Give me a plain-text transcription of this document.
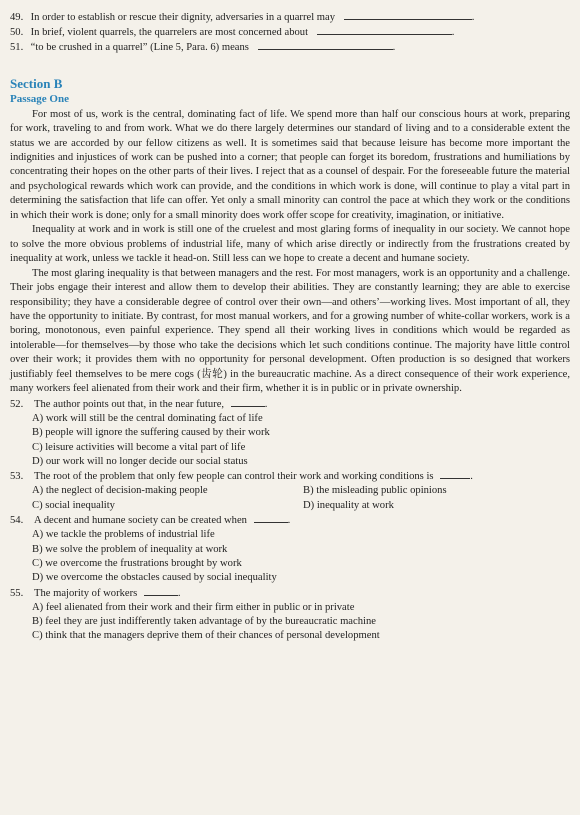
49. In order to establish or rescue their dignity, adversaries in a quarrel may	.

50. In brief, violent quarrels, the quarrelers are most concerned about	.

51. “to be crushed in a quarrel” (Line 5, Para. 6) means	.

Section B
Passage One

For most of us, work is the central, dominating fact of life. We spend more than half our conscious hours at work, preparing for work, traveling to and from work. What we do there largely determines our standard of living and to a considerable extent the status we are accorded by our fellow citizens as well. It is sometimes said that because leisure has become more important the indignities and injustices of work can be pushed into a corner; that people can forget its boredom, frustrations and humiliations by concentrating their hopes on the other parts of their lives. I reject that as a counsel of despair. For the foreseeable future the material and psychological rewards which work can provide, and the conditions in which work is done, will continue to play a vital part in determining the satisfaction that life can offer. Yet only a small minority can control the pace at which they work or the conditions in which their work is done; only for a small minority does work offer scope for creativity, imagination, or initiative.

Inequality at work and in work is still one of the cruelest and most glaring forms of inequality in our society. We cannot hope to solve the more obvious problems of industrial life, many of which arise directly or indirectly from the frustrations created by inequality at work, unless we tackle it head-on. Still less can we hope to create a decent and humane society.

The most glaring inequality is that between managers and the rest. For most managers, work is an opportunity and a challenge. Their jobs engage their interest and allow them to develop their abilities. They are constantly learning; they are able to exercise responsibility; they have a considerable degree of control over their own—and others’—working lives. Most important of all, they have the opportunity to initiate. By contrast, for most manual workers, and for a growing number of white-collar workers, work is a boring, monotonous, even painful experience. They spend all their working lives in conditions which would be regarded as intolerable—for themselves—by those who take the decisions which let such conditions continue. The majority have little control over their work; it provides them with no opportunity for personal development. Often production is so designed that workers justifiably feel themselves to be mere cogs (齿轮) in the bureaucratic machine. As a direct consequence of their work experience, many workers feel alienated from their work and their firm, whether it is in public or in private ownership.

52. The author points out that, in the near future,	.

A) work will still be the central dominating fact of life

B) people will ignore the suffering caused by their work

C) leisure activities will become a vital part of life

D) our work will no longer decide our social status

53. The root of the problem that only few people can control their work and working conditions is	.

A) the neglect of decision-making people	B) the misleading public opinions
C) social inequality	D) inequality at work

54. A decent and humane society can be created when	.

A) we tackle the problems of industrial life

B) we solve the problem of inequality at work

C) we overcome the frustrations brought by work

D) we overcome the obstacles caused by social inequality

55. The majority of workers	.

A) feel alienated from their work and their firm either in public or in private

B) feel they are just indifferently taken advantage of by the bureaucratic machine

C) think that the managers deprive them of their chances of personal development
